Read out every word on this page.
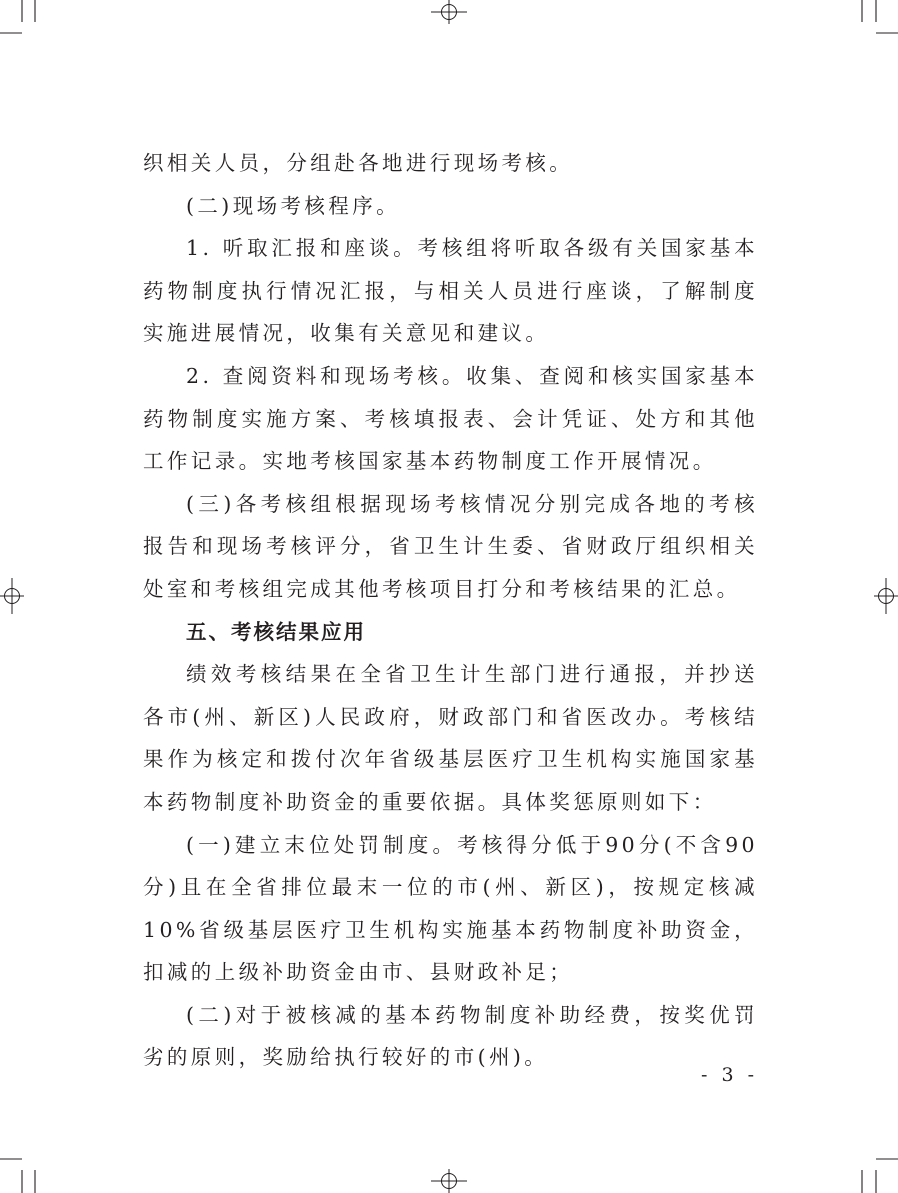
织相关人员，分组赴各地进行现场考核。

(二)现场考核程序。

1. 听取汇报和座谈。考核组将听取各级有关国家基本药物制度执行情况汇报，与相关人员进行座谈，了解制度实施进展情况，收集有关意见和建议。

2. 查阅资料和现场考核。收集、查阅和核实国家基本药物制度实施方案、考核填报表、会计凭证、处方和其他工作记录。实地考核国家基本药物制度工作开展情况。

(三)各考核组根据现场考核情况分别完成各地的考核报告和现场考核评分，省卫生计生委、省财政厅组织相关处室和考核组完成其他考核项目打分和考核结果的汇总。

五、考核结果应用

绩效考核结果在全省卫生计生部门进行通报，并抄送各市(州、新区)人民政府，财政部门和省医改办。考核结果作为核定和拨付次年省级基层医疗卫生机构实施国家基本药物制度补助资金的重要依据。具体奖惩原则如下：

(一)建立末位处罚制度。考核得分低于90分(不含90分)且在全省排位最末一位的市(州、新区)，按规定核减10%省级基层医疗卫生机构实施基本药物制度补助资金，扣减的上级补助资金由市、县财政补足；

(二)对于被核减的基本药物制度补助经费，按奖优罚劣的原则，奖励给执行较好的市(州)。

- 3 -
